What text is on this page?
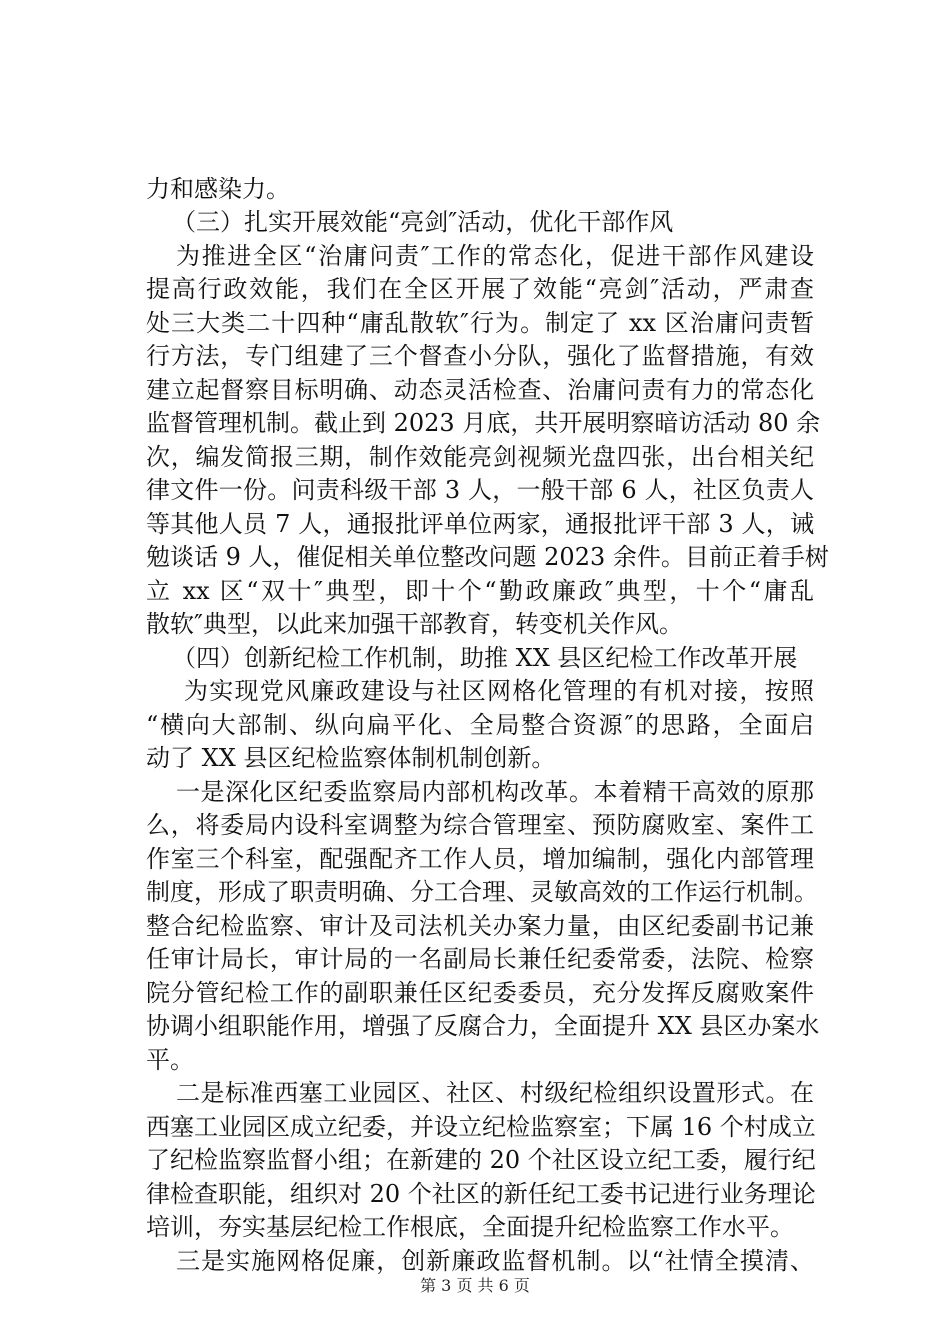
力和感染力。
（三）扎实开展效能“亮剑″活动，优化干部作风
为推进全区“治庸问责″工作的常态化，促进干部作风建设
提高行政效能，我们在全区开展了效能“亮剑″活动，严肃查
处三大类二十四种“庸乱散软″行为。制定了 xx 区治庸问责暂
行方法，专门组建了三个督查小分队，强化了监督措施，有效
建立起督察目标明确、动态灵活检查、治庸问责有力的常态化
监督管理机制。截止到 2023 月底，共开展明察暗访活动 80 余
次，编发简报三期，制作效能亮剑视频光盘四张，出台相关纪
律文件一份。问责科级干部 3 人，一般干部 6 人，社区负责人
等其他人员 7 人，通报批评单位两家，通报批评干部 3 人，诫
勉谈话 9 人，催促相关单位整改问题 2023 余件。目前正着手树
立 xx 区“双十″典型，即十个“勤政廉政″典型，十个“庸乱
散软″典型，以此来加强干部教育，转变机关作风。
（四）创新纪检工作机制，助推 XX 县区纪检工作改革开展
为实现党风廉政建设与社区网格化管理的有机对接，按照
“横向大部制、纵向扁平化、全局整合资源″的思路，全面启
动了 XX 县区纪检监察体制机制创新。
一是深化区纪委监察局内部机构改革。本着精干高效的原那
么，将委局内设科室调整为综合管理室、预防腐败室、案件工
作室三个科室，配强配齐工作人员，增加编制，强化内部管理
制度，形成了职责明确、分工合理、灵敏高效的工作运行机制。
整合纪检监察、审计及司法机关办案力量，由区纪委副书记兼
任审计局长，审计局的一名副局长兼任纪委常委，法院、检察
院分管纪检工作的副职兼任区纪委委员，充分发挥反腐败案件
协调小组职能作用，增强了反腐合力，全面提升 XX 县区办案水
平。
二是标准西塞工业园区、社区、村级纪检组织设置形式。在
西塞工业园区成立纪委，并设立纪检监察室；下属 16 个村成立
了纪检监察监督小组；在新建的 20 个社区设立纪工委，履行纪
律检查职能，组织对 20 个社区的新任纪工委书记进行业务理论
培训，夯实基层纪检工作根底，全面提升纪检监察工作水平。
三是实施网格促廉，创新廉政监督机制。以“社情全摸清、
第 3 页 共 6 页
